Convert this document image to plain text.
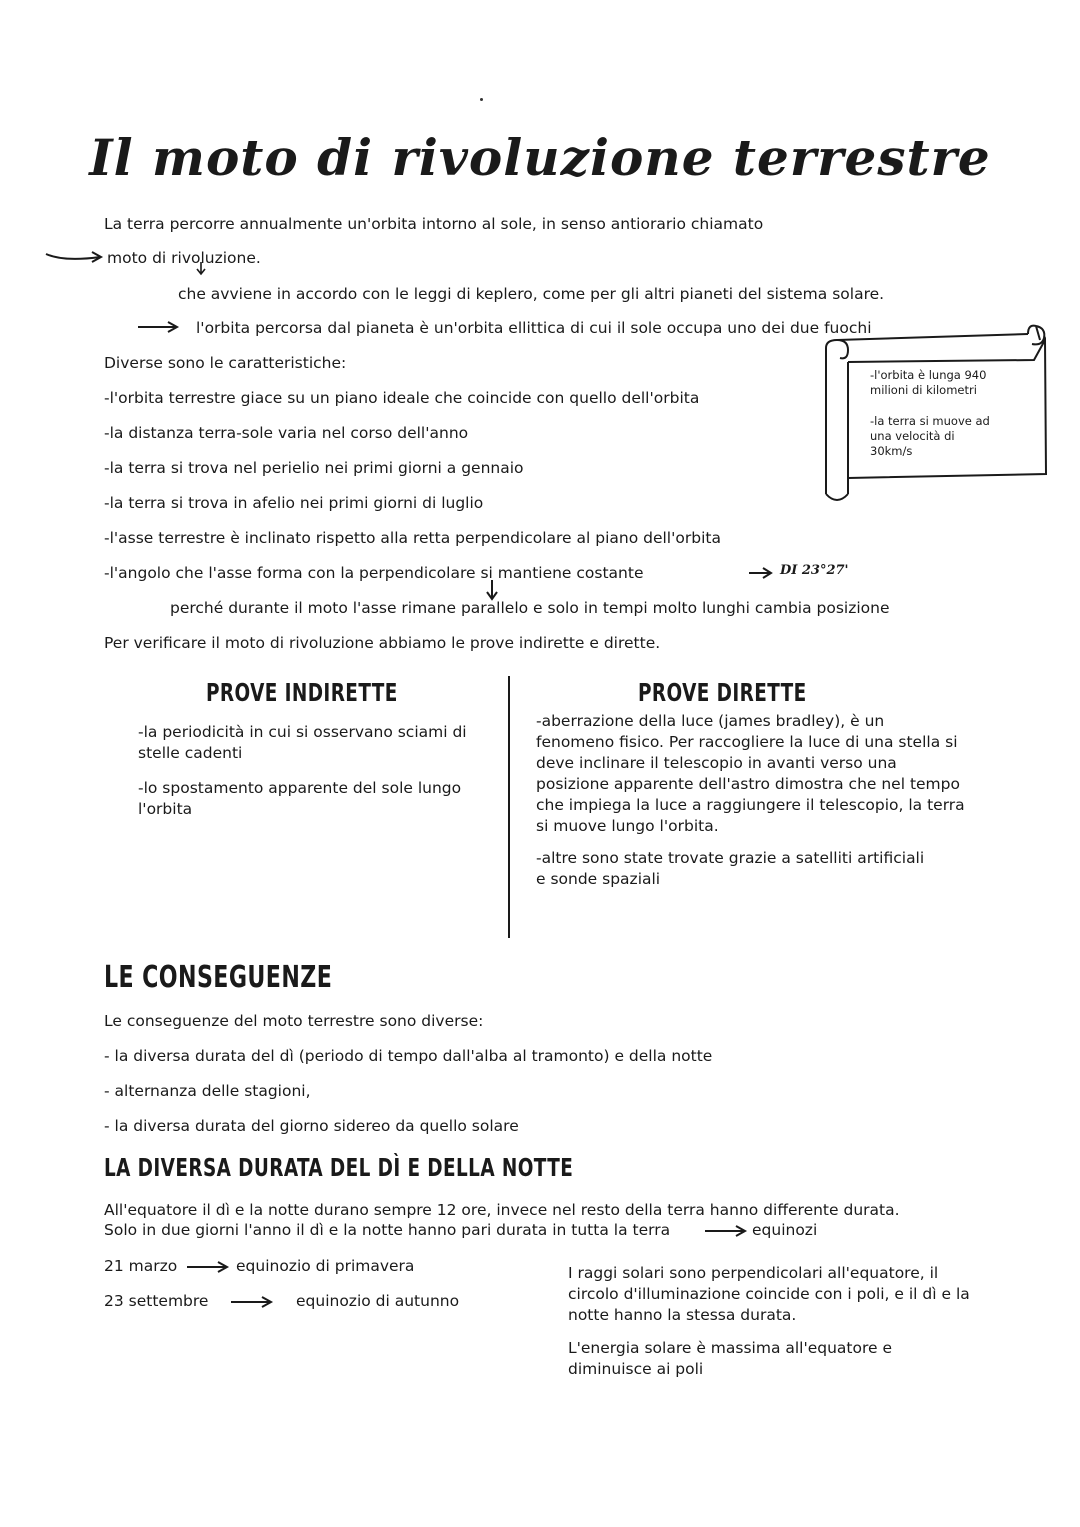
Il moto di rivoluzione terrestre
La terra percorre annualmente un'orbita intorno al sole, in senso antiorario chiamato
moto di rivoluzione.
che avviene in accordo con le leggi di keplero, come per gli altri pianeti del sistema solare.
l'orbita percorsa dal pianeta è un'orbita ellittica di cui il sole occupa uno dei due fuochi
Diverse sono le caratteristiche:
-l'orbita terrestre giace su un piano ideale che coincide con quello dell'orbita
-la distanza terra-sole varia nel corso dell'anno
-la terra si trova nel perielio nei primi giorni a gennaio
-la terra si trova in afelio nei primi giorni di luglio
-l'asse terrestre è inclinato rispetto alla retta perpendicolare al piano dell'orbita
-l'angolo che l'asse forma con la perpendicolare si mantiene costante	DI 23°27'
perché durante il moto l'asse rimane parallelo e solo in tempi molto lunghi cambia posizione
Per verificare il moto di rivoluzione abbiamo le prove indirette e dirette.
-l'orbita è lunga 940 milioni di kilometri
-la terra si muove ad una velocità di 30km/s
PROVE INDIRETTE
-la periodicità in cui si osservano sciami di stelle cadenti
-lo spostamento apparente del sole lungo l'orbita
PROVE DIRETTE
-aberrazione della luce (james bradley), è un fenomeno fisico. Per raccogliere la luce di una stella si deve inclinare il telescopio in avanti verso una posizione apparente dell'astro dimostra che nel tempo che impiega la luce a raggiungere il telescopio, la terra si muove lungo l'orbita.
-altre sono state trovate grazie a satelliti artificiali e sonde spaziali
LE CONSEGUENZE
Le conseguenze del moto terrestre sono diverse:
- la diversa durata del dì (periodo di tempo dall'alba al tramonto) e della notte
- alternanza delle stagioni,
- la diversa durata del giorno sidereo da quello solare
LA DIVERSA DURATA DEL DÌ E DELLA NOTTE
All'equatore il dì e la notte durano sempre 12 ore, invece nel resto della terra hanno differente durata.
Solo in due giorni l'anno il dì e la notte hanno pari durata in tutta la terra	equinozi
21 marzo	equinozio di primavera
23 settembre	equinozio di autunno
I raggi solari sono perpendicolari all'equatore, il circolo d'illuminazione coincide con i poli, e il dì e la notte hanno la stessa durata.
L'energia solare è massima all'equatore e diminuisce ai poli
